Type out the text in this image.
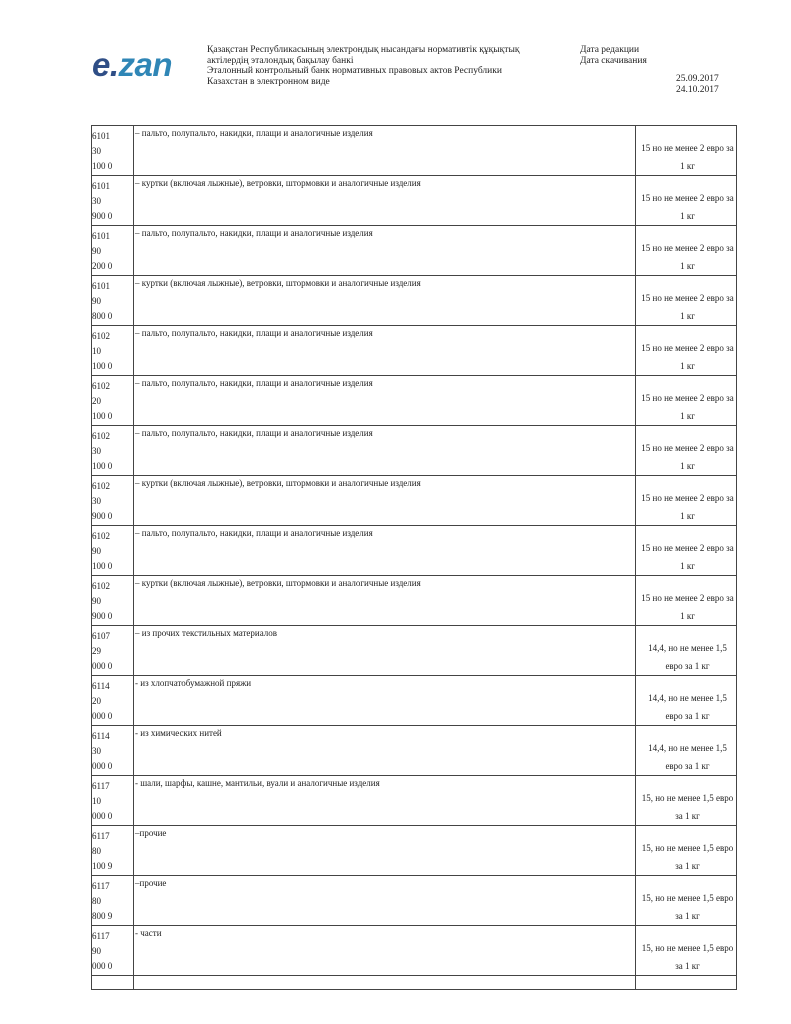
e.zan	Қазақстан Республикасының электрондық нысандағы нормативтік құқықтық
актілердің эталондық бақылау банкі
Эталонный контрольный банк нормативных правовых актов Республики
Казахстан в электронном виде
Дата редакции
Дата скачивания
25.09.2017
24.10.2017
6101
30
100 0
– пальто, полупальто, накидки, плащи и аналогичные изделия
15 но не менее 2 евро за
1 кг
6101
30
900 0
– куртки (включая лыжные), ветровки, штормовки и аналогичные изделия
15 но не менее 2 евро за
1 кг
6101
90
200 0
– пальто, полупальто, накидки, плащи и аналогичные изделия
15 но не менее 2 евро за
1 кг
6101
90
800 0
– куртки (включая лыжные), ветровки, штормовки и аналогичные изделия
15 но не менее 2 евро за
1 кг
6102
10
100 0
– пальто, полупальто, накидки, плащи и аналогичные изделия
15 но не менее 2 евро за
1 кг
6102
20
100 0
– пальто, полупальто, накидки, плащи и аналогичные изделия
15 но не менее 2 евро за
1 кг
6102
30
100 0
– пальто, полупальто, накидки, плащи и аналогичные изделия
15 но не менее 2 евро за
1 кг
6102
30
900 0
– куртки (включая лыжные), ветровки, штормовки и аналогичные изделия
15 но не менее 2 евро за
1 кг
6102
90
100 0
– пальто, полупальто, накидки, плащи и аналогичные изделия
15 но не менее 2 евро за
1 кг
6102
90
900 0
– куртки (включая лыжные), ветровки, штормовки и аналогичные изделия
15 но не менее 2 евро за
1 кг
6107
29
000 0
– из прочих текстильных материалов
14,4, но не менее 1,5
евро за 1 кг
6114
20
000 0
- из хлопчатобумажной пряжи
14,4, но не менее 1,5
евро за 1 кг
6114
30
000 0
- из химических нитей
14,4, но не менее 1,5
евро за 1 кг
6117
10
000 0
- шали, шарфы, кашне, мантильи, вуали и аналогичные изделия
15, но не менее 1,5 евро
за 1 кг
6117
80
100 9
–прочие
15, но не менее 1,5 евро
за 1 кг
6117
80
800 9
–прочие
15, но не менее 1,5 евро
за 1 кг
6117
90
000 0
- части
15, но не менее 1,5 евро
за 1 кг
